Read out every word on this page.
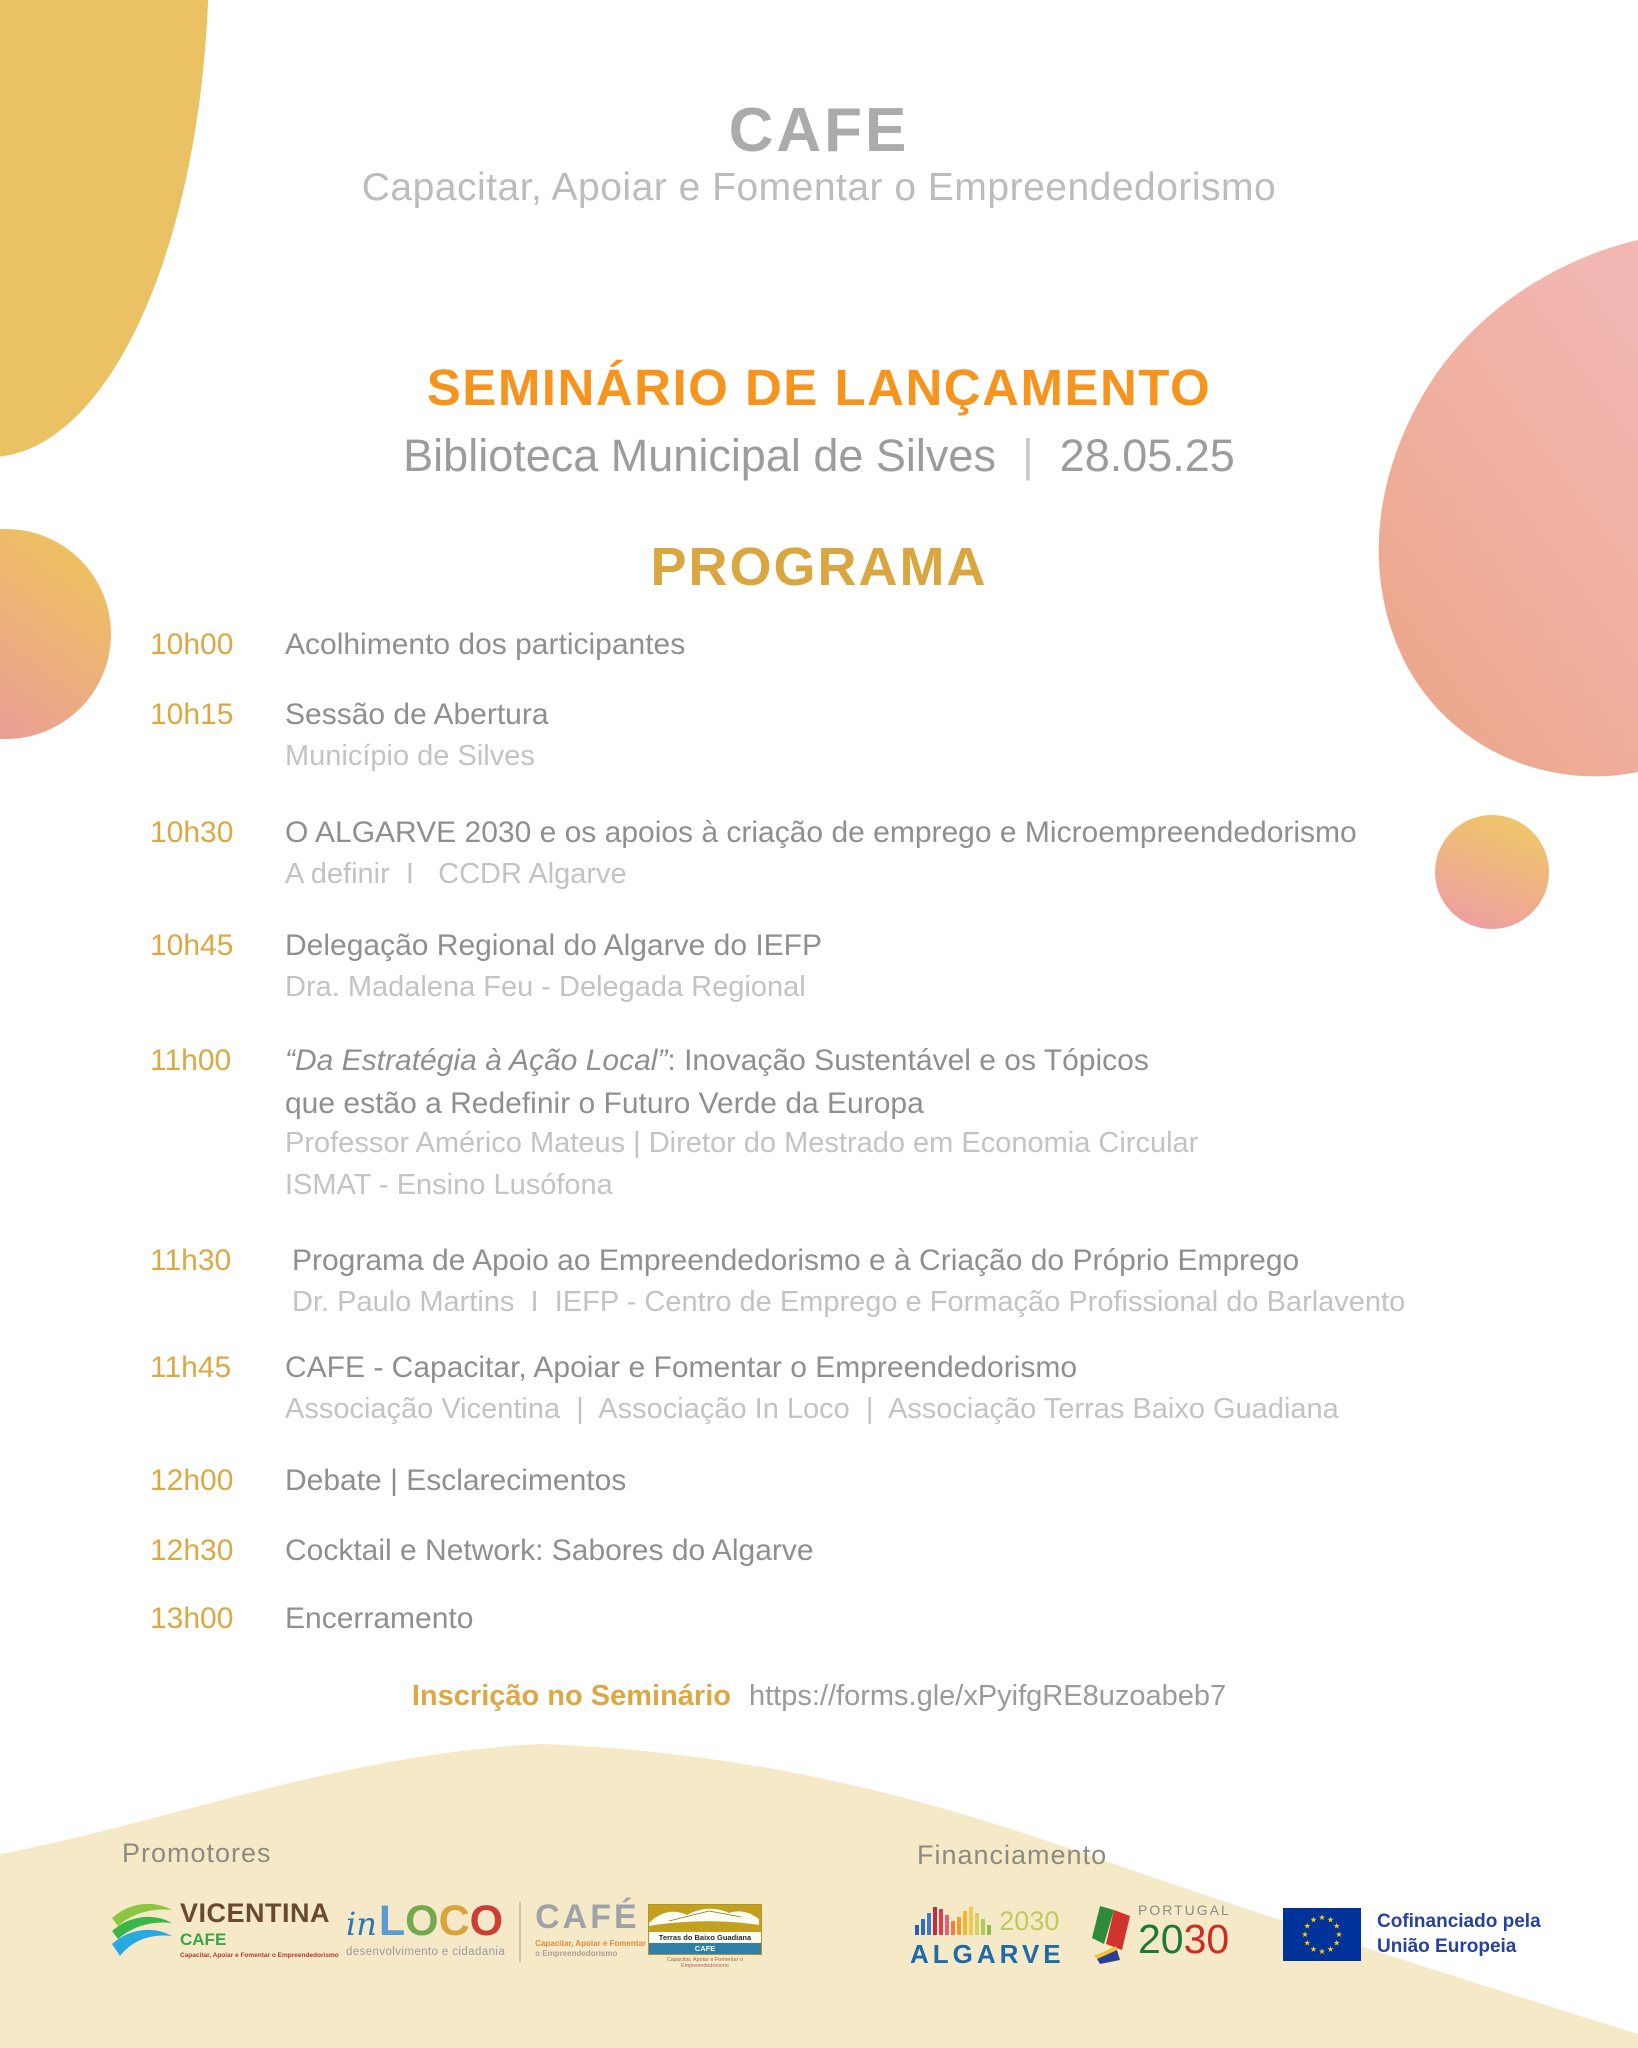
CAFE
Capacitar, Apoiar e Fomentar o Empreendedorismo
SEMINÁRIO DE LANÇAMENTO
Biblioteca Municipal de Silves | 28.05.25
PROGRAMA
10h00 Acolhimento dos participantes
10h15 Sessão de Abertura
Município de Silves
10h30 O ALGARVE 2030 e os apoios à criação de emprego e Microempreendedorismo
A definir  I   CCDR Algarve
10h45 Delegação Regional do Algarve do IEFP
Dra. Madalena Feu - Delegada Regional
11h00 “Da Estratégia à Ação Local”: Inovação Sustentável e os Tópicos
que estão a Redefinir o Futuro Verde da Europa
Professor Américo Mateus | Diretor do Mestrado em Economia Circular
ISMAT - Ensino Lusófona
11h30 Programa de Apoio ao Empreendedorismo e à Criação do Próprio Emprego
Dr. Paulo Martins  I  IEFP - Centro de Emprego e Formação Profissional do Barlavento
11h45 CAFE - Capacitar, Apoiar e Fomentar o Empreendedorismo
Associação Vicentina  |  Associação In Loco  |  Associação Terras Baixo Guadiana
12h00 Debate | Esclarecimentos
12h30 Cocktail e Network: Sabores do Algarve
13h00 Encerramento
Inscrição no Seminário https://forms.gle/xPyifgRE8uzoabeb7
Promotores	Financiamento
VICENTINA
CAFE
Capacitar, Apoiar e Fomentar o Empreendedorismo
inLOCO
desenvolvimento e cidadania
CAFÉ
Capacitar, Apoiar e Fomentar
o Empreendedorismo
Terras do Baixo Guadiana
CAFE
Capacitar, Apoiar e Fomentar o Empreendedorismo
2030
ALGARVE
PORTUGAL
2030	Cofinanciado pela
União Europeia
